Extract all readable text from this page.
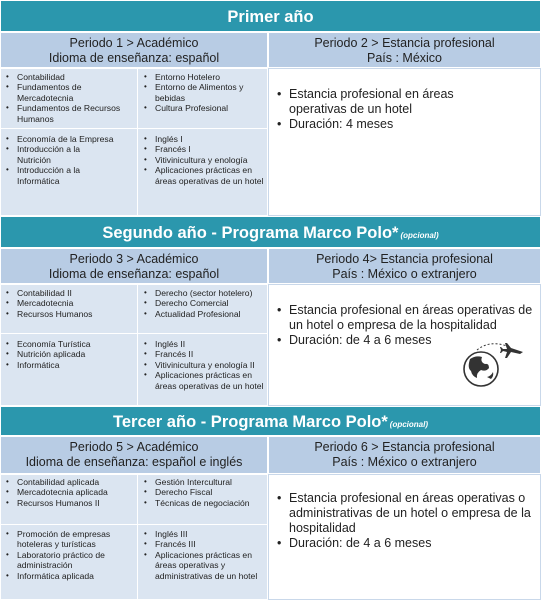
Primer año
Periodo 1 > Académico
Idioma de enseñanza: español
Periodo 2 > Estancia profesional
País : México
• Contabilidad
• Fundamentos de Mercadotecnia
• Fundamentos de Recursos Humanos
• Entorno Hotelero
• Entorno de Alimentos y bebidas
• Cultura Profesional
• Economía de la Empresa
• Introducción a la Nutrición
• Introducción a la Informática
• Inglés I
• Francés I
• Vitivinicultura y enología
• Aplicaciones prácticas en áreas operativas de un hotel
• Estancia profesional en áreas operativas de un hotel
• Duración: 4 meses
Segundo año - Programa Marco Polo* (opcional)
Periodo 3 > Académico
Idioma de enseñanza: español
Periodo 4> Estancia profesional
País : México o extranjero
• Contabilidad II
• Mercadotecnia
• Recursos Humanos
• Derecho (sector hotelero)
• Derecho Comercial
• Actualidad Profesional
• Economía Turística
• Nutrición aplicada
• Informática
• Inglés II
• Francés II
• Vitivinicultura y enología II
• Aplicaciones prácticas en áreas operativas de un hotel
• Estancia profesional en áreas operativas de un hotel o empresa de la hospitalidad
• Duración: de 4 a 6 meses
Tercer año - Programa Marco Polo* (opcional)
Periodo 5 > Académico
Idioma de enseñanza: español e inglés
Periodo 6 > Estancia profesional
País : México o extranjero
• Contabilidad aplicada
• Mercadotecnia aplicada
• Recursos Humanos II
• Gestión Intercultural
• Derecho Fiscal
• Técnicas de negociación
• Promoción de empresas hoteleras y turísticas
• Laboratorio práctico de administración
• Informática aplicada
• Inglés III
• Francés III
• Aplicaciones prácticas en áreas operativas y administrativas de un hotel
• Estancia profesional en áreas operativas o administrativas de un hotel o empresa de la hospitalidad
• Duración: de 4 a 6 meses
